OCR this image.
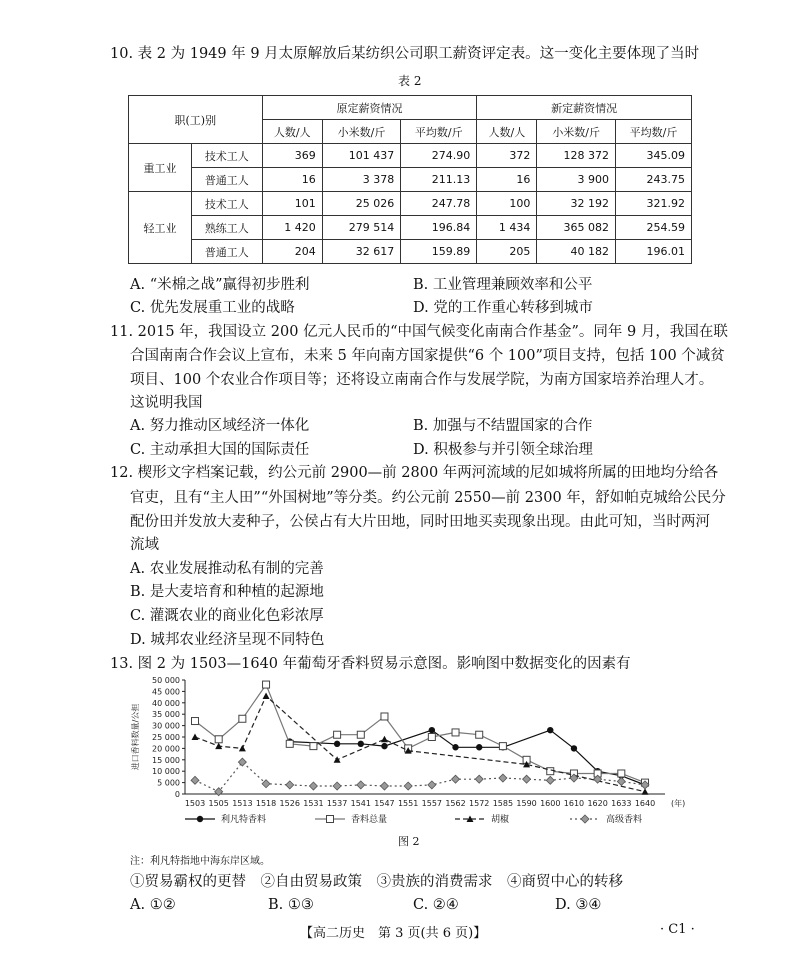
10. 表 2 为 1949 年 9 月太原解放后某纺织公司职工薪资评定表。这一变化主要体现了当时
表 2
职(工)别		原定薪资情况			新定薪资情况		
		人数/人	小米数/斤	平均数/斤	人数/人	小米数/斤	平均数/斤
重工业	技术工人	369	101 437	274.90	372	128 372	345.09
	普通工人	16	3 378	211.13	16	3 900	243.75
轻工业	技术工人	101	25 026	247.78	100	32 192	321.92
	熟练工人	1 420	279 514	196.84	1 434	365 082	254.59
	普通工人	204	32 617	159.89	205	40 182	196.01
A. “米棉之战”赢得初步胜利	B. 工业管理兼顾效率和公平
C. 优先发展重工业的战略	D. 党的工作重心转移到城市
11. 2015 年，我国设立 200 亿元人民币的“中国气候变化南南合作基金”。同年 9 月，我国在联
合国南南合作会议上宣布，未来 5 年向南方国家提供“6 个 100”项目支持，包括 100 个减贫
项目、100 个农业合作项目等；还将设立南南合作与发展学院，为南方国家培养治理人才。
这说明我国
A. 努力推动区域经济一体化	B. 加强与不结盟国家的合作
C. 主动承担大国的国际责任	D. 积极参与并引领全球治理
12. 楔形文字档案记载，约公元前 2900—前 2800 年两河流域的尼如城将所属的田地均分给各
官吏，且有“主人田”“外国树地”等分类。约公元前 2550—前 2300 年，舒如帕克城给公民分
配份田并发放大麦种子，公侯占有大片田地，同时田地买卖现象出现。由此可知，当时两河
流域
A. 农业发展推动私有制的完善
B. 是大麦培育和种植的起源地
C. 灌溉农业的商业化色彩浓厚
D. 城邦农业经济呈现不同特色
13. 图 2 为 1503—1640 年葡萄牙香料贸易示意图。影响图中数据变化的因素有
0
5 000
10 000
15 000
20 000
25 000
30 000
35 000
40 000
45 000
50 000
1503 1505 1513 1518 1526 1531 1537 1541 1547 1551 1557 1562 1572 1585 1590 1600 1610 1620 1633 1640 (年)
进口香料数量/公担
利凡特香料	香料总量	胡椒	高级香料
图 2
注：利凡特指地中海东岸区域。
①贸易霸权的更替　②自由贸易政策　③贵族的消费需求　④商贸中心的转移
A. ①②	B. ①③	C. ②④	D. ③④
【高二历史　第 3 页(共 6 页)】	· C1 ·
